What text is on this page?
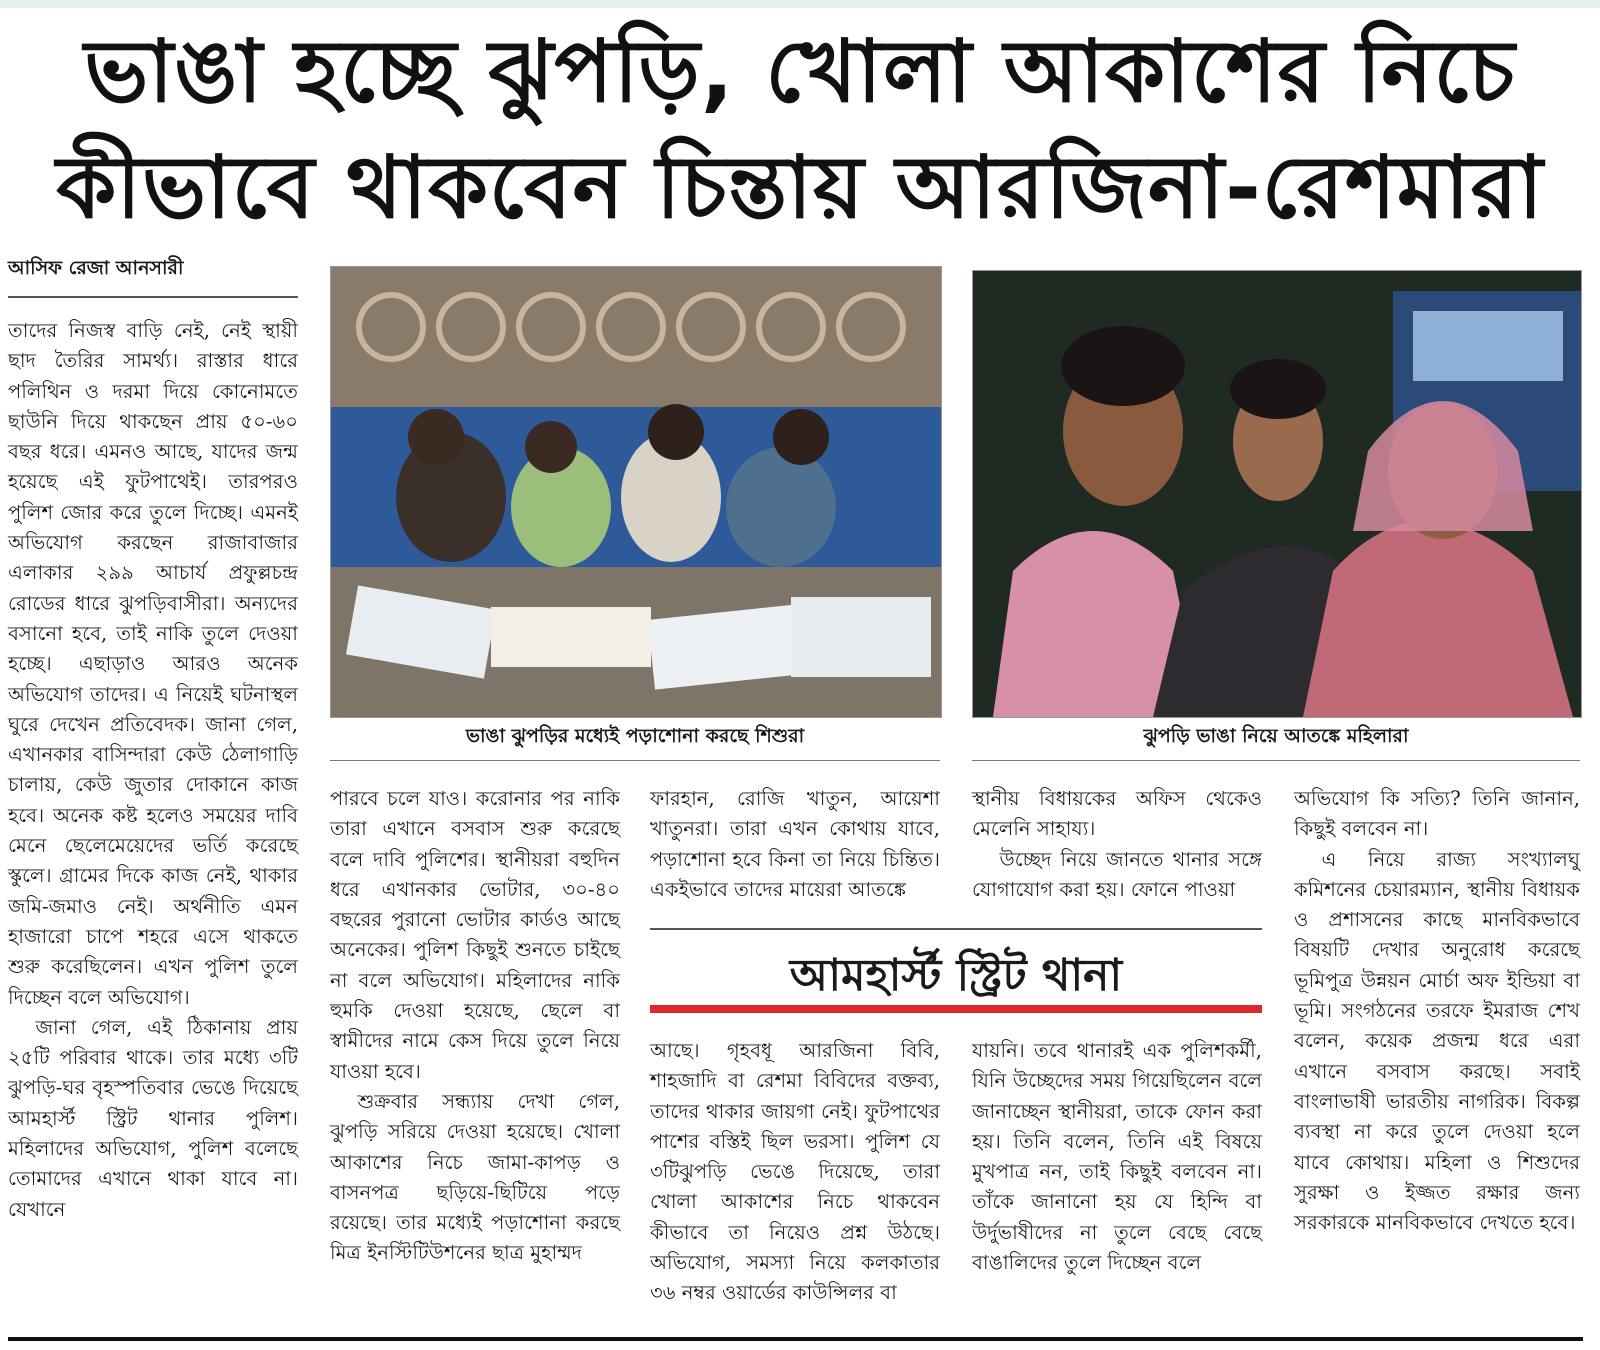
ভাঙা হচ্ছে ঝুপড়ি, খোলা আকাশের নিচে
কীভাবে থাকবেন চিন্তায় আরজিনা-রেশমারা
আসিফ রেজা আনসারী
ভাঙা ঝুপড়ির মধ্যেই পড়াশোনা করছে শিশুরা	ঝুপড়ি ভাঙা নিয়ে আতঙ্কে মহিলারা

তাদের নিজস্ব বাড়ি নেই, নেই স্থায়ী ছাদ তৈরির সামর্থ্য। রাস্তার ধারে পলিথিন ও দরমা দিয়ে কোনোমতে ছাউনি দিয়ে থাকছেন প্রায় ৫০-৬০ বছর ধরে। এমনও আছে, যাদের জন্ম হয়েছে এই ফুটপাথেই। তারপরও পুলিশ জোর করে তুলে দিচ্ছে। এমনই অভিযোগ করছেন রাজাবাজার এলাকার ২৯৯ আচার্য প্রফুল্লচন্দ্র রোডের ধারে ঝুপড়িবাসীরা। অন্যদের বসানো হবে, তাই নাকি তুলে দেওয়া হচ্ছে। এছাড়াও আরও অনেক অভিযোগ তাদের। এ নিয়েই ঘটনাস্থল ঘুরে দেখেন প্রতিবেদক। জানা গেল, এখানকার বাসিন্দারা কেউ ঠেলাগাড়ি চালায়, কেউ জুতার দোকানে কাজ হবে। অনেক কষ্ট হলেও সময়ের দাবি মেনে ছেলেমেয়েদের ভর্তি করেছে স্কুলে। গ্রামের দিকে কাজ নেই, থাকার জমি-জমাও নেই। অর্থনীতি এমন হাজারো চাপে শহরে এসে থাকতে শুরু করেছিলেন। এখন পুলিশ তুলে দিচ্ছেন বলে অভিযোগ।

জানা গেল, এই ঠিকানায় প্রায় ২৫টি পরিবার থাকে। তার মধ্যে ৩টি ঝুপড়ি-ঘর বৃহস্পতিবার ভেঙে দিয়েছে আমহার্স্ট স্ট্রিট থানার পুলিশ। মহিলাদের অভিযোগ, পুলিশ বলেছে তোমাদের এখানে থাকা যাবে না। যেখানে

পারবে চলে যাও। করোনার পর নাকি তারা এখানে বসবাস শুরু করেছে বলে দাবি পুলিশের। স্থানীয়রা বহুদিন ধরে এখানকার ভোটার, ৩০-৪০ বছরের পুরানো ভোটার কার্ডও আছে অনেকের। পুলিশ কিছুই শুনতে চাইছে না বলে অভিযোগ। মহিলাদের নাকি হুমকি দেওয়া হয়েছে, ছেলে বা স্বামীদের নামে কেস দিয়ে তুলে নিয়ে যাওয়া হবে।

শুক্রবার সন্ধ্যায় দেখা গেল, ঝুপড়ি সরিয়ে দেওয়া হয়েছে। খোলা আকাশের নিচে জামা-কাপড় ও বাসনপত্র ছড়িয়ে-ছিটিয়ে পড়ে রয়েছে। তার মধ্যেই পড়াশোনা করছে মিত্র ইনস্টিটিউশনের ছাত্র মুহাম্মদ

ফারহান, রোজি খাতুন, আয়েশা খাতুনরা। তারা এখন কোথায় যাবে, পড়াশোনা হবে কিনা তা নিয়ে চিন্তিত। একইভাবে তাদের মায়েরা আতঙ্কে

স্থানীয় বিধায়কের অফিস থেকেও মেলেনি সাহায্য।

উচ্ছেদ নিয়ে জানতে থানার সঙ্গে যোগাযোগ করা হয়। ফোনে পাওয়া

আমহার্স্ট স্ট্রিট থানা

আছে। গৃহবধূ আরজিনা বিবি, শাহজাদি বা রেশমা বিবিদের বক্তব্য, তাদের থাকার জায়গা নেই। ফুটপাথের পাশের বস্তিই ছিল ভরসা। পুলিশ যে ৩টিঝুপড়ি ভেঙে দিয়েছে, তারা খোলা আকাশের নিচে থাকবেন কীভাবে তা নিয়েও প্রশ্ন উঠছে। অভিযোগ, সমস্যা নিয়ে কলকাতার ৩৬ নম্বর ওয়ার্ডের কাউন্সিলর বা

যায়নি। তবে থানারই এক পুলিশকর্মী, যিনি উচ্ছেদের সময় গিয়েছিলেন বলে জানাচ্ছেন স্থানীয়রা, তাকে ফোন করা হয়। তিনি বলেন, তিনি এই বিষয়ে মুখপাত্র নন, তাই কিছুই বলবেন না। তাঁকে জানানো হয় যে হিন্দি বা উর্দুভাষীদের না তুলে বেছে বেছে বাঙালিদের তুলে দিচ্ছেন বলে

অভিযোগ কি সত্যি? তিনি জানান, কিছুই বলবেন না।

এ নিয়ে রাজ্য সংখ্যালঘু কমিশনের চেয়ারম্যান, স্থানীয় বিধায়ক ও প্রশাসনের কাছে মানবিকভাবে বিষয়টি দেখার অনুরোধ করেছে ভূমিপুত্র উন্নয়ন মোর্চা অফ ইন্ডিয়া বা ভূমি। সংগঠনের তরফে ইমরাজ শেখ বলেন, কয়েক প্রজন্ম ধরে এরা এখানে বসবাস করছে। সবাই বাংলাভাষী ভারতীয় নাগরিক। বিকল্প ব্যবস্থা না করে তুলে দেওয়া হলে যাবে কোথায়। মহিলা ও শিশুদের সুরক্ষা ও ইজ্জত রক্ষার জন্য সরকারকে মানবিকভাবে দেখতে হবে।
